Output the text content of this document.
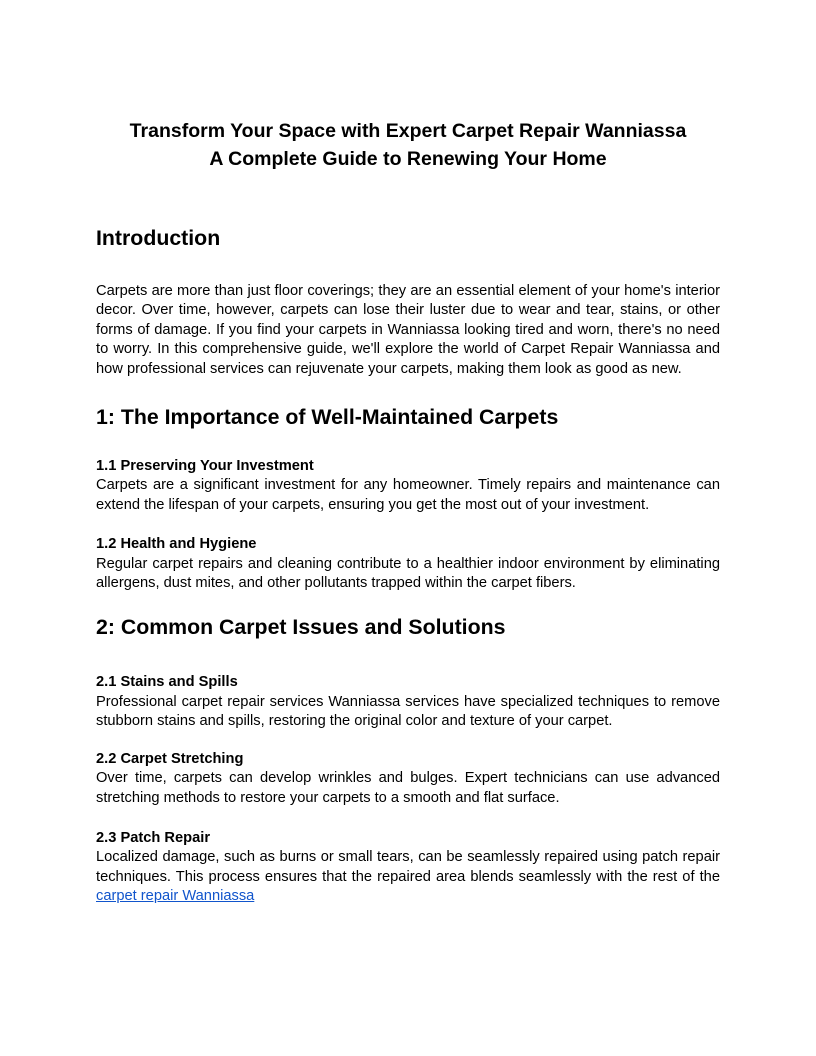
Transform Your Space with Expert Carpet Repair Wanniassa
A Complete Guide to Renewing Your Home
Introduction

Carpets are more than just floor coverings; they are an essential element of your home's interior decor. Over time, however, carpets can lose their luster due to wear and tear, stains, or other forms of damage. If you find your carpets in Wanniassa looking tired and worn, there's no need to worry. In this comprehensive guide, we'll explore the world of Carpet Repair Wanniassa and how professional services can rejuvenate your carpets, making them look as good as new.

1: The Importance of Well-Maintained Carpets
1.1 Preserving Your Investment

Carpets are a significant investment for any homeowner. Timely repairs and maintenance can extend the lifespan of your carpets, ensuring you get the most out of your investment.

1.2 Health and Hygiene

Regular carpet repairs and cleaning contribute to a healthier indoor environment by eliminating allergens, dust mites, and other pollutants trapped within the carpet fibers.

2: Common Carpet Issues and Solutions
2.1 Stains and Spills

Professional carpet repair services Wanniassa services have specialized techniques to remove stubborn stains and spills, restoring the original color and texture of your carpet.

2.2 Carpet Stretching

Over time, carpets can develop wrinkles and bulges. Expert technicians can use advanced stretching methods to restore your carpets to a smooth and flat surface.

2.3 Patch Repair

Localized damage, such as burns or small tears, can be seamlessly repaired using patch repair techniques. This process ensures that the repaired area blends seamlessly with the rest of the carpet repair Wanniassa
